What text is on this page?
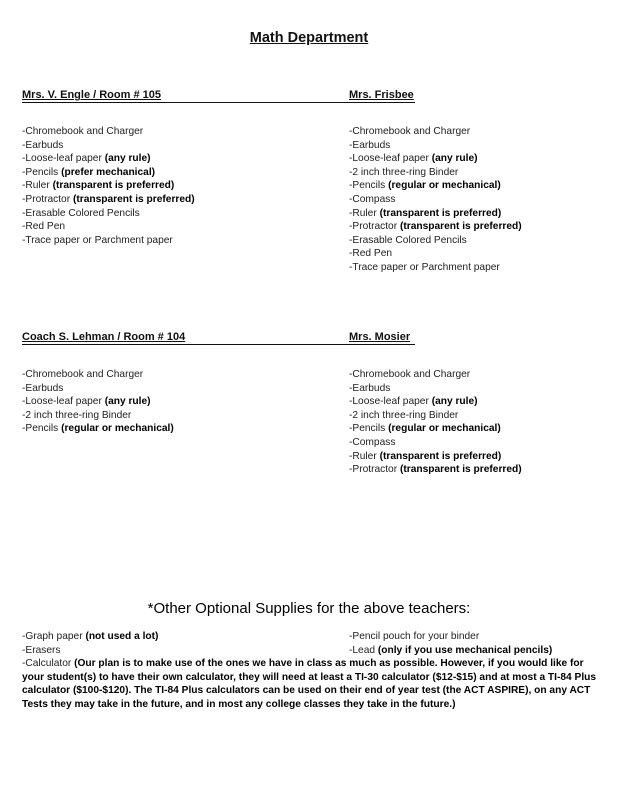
Math Department
Mrs. V. Engle / Room # 105	Mrs. Frisbee
-Chromebook and Charger
-Earbuds
-Loose-leaf paper (any rule)
-Pencils (prefer mechanical)
-Ruler (transparent is preferred)
-Protractor (transparent is preferred)
-Erasable Colored Pencils
-Red Pen
-Trace paper or Parchment paper
-Chromebook and Charger
-Earbuds
-Loose-leaf paper (any rule)
-2 inch three-ring Binder
-Pencils (regular or mechanical)
-Compass
-Ruler (transparent is preferred)
-Protractor (transparent is preferred)
-Erasable Colored Pencils
-Red Pen
-Trace paper or Parchment paper
Coach S. Lehman / Room # 104	Mrs. Mosier
-Chromebook and Charger
-Earbuds
-Loose-leaf paper (any rule)
-2 inch three-ring Binder
-Pencils (regular or mechanical)
-Chromebook and Charger
-Earbuds
-Loose-leaf paper (any rule)
-2 inch three-ring Binder
-Pencils (regular or mechanical)
-Compass
-Ruler (transparent is preferred)
-Protractor (transparent is preferred)
*Other Optional Supplies for the above teachers:
-Graph paper (not used a lot)
-Erasers
-Pencil pouch for your binder
-Lead (only if you use mechanical pencils)
-Calculator (Our plan is to make use of the ones we have in class as much as possible. However, if you would like for your student(s) to have their own calculator, they will need at least a TI-30 calculator ($12-$15) and at most a TI-84 Plus calculator ($100-$120). The TI-84 Plus calculators can be used on their end of year test (the ACT ASPIRE), on any ACT Tests they may take in the future, and in most any college classes they take in the future.)
